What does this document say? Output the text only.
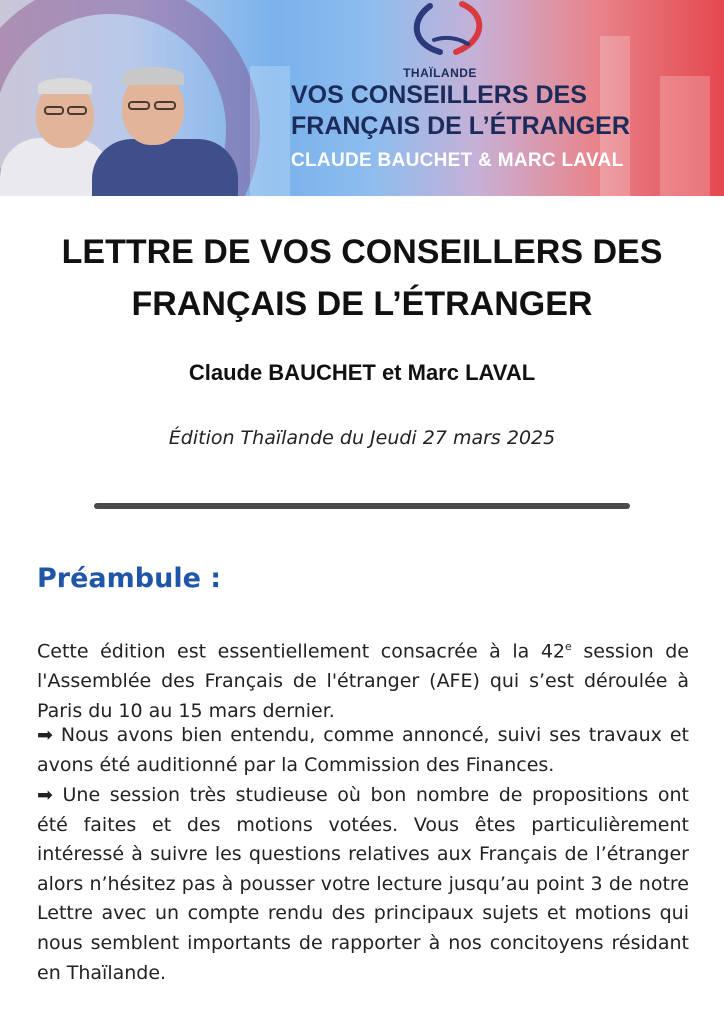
THAÏLANDE
VOS CONSEILLERS DES
FRANÇAIS DE L’ÉTRANGER
CLAUDE BAUCHET & MARC LAVAL
LETTRE DE VOS CONSEILLERS DES
FRANÇAIS DE L’ÉTRANGER
Claude BAUCHET et Marc LAVAL
Édition Thaïlande du Jeudi 27 mars 2025
Préambule :
Cette édition est essentiellement consacrée à la 42e session de l'Assemblée des Français de l'étranger (AFE) qui s’est déroulée à Paris du 10 au 15 mars dernier.
➡ Nous avons bien entendu, comme annoncé, suivi ses travaux et avons été auditionné par la Commission des Finances.
➡ Une session très studieuse où bon nombre de propositions ont été faites et des motions votées. Vous êtes particulièrement intéressé à suivre les questions relatives aux Français de l’étranger alors n’hésitez pas à pousser votre lecture jusqu’au point 3 de notre Lettre avec un compte rendu des principaux sujets et motions qui nous semblent importants de rapporter à nos concitoyens résidant en Thaïlande.
